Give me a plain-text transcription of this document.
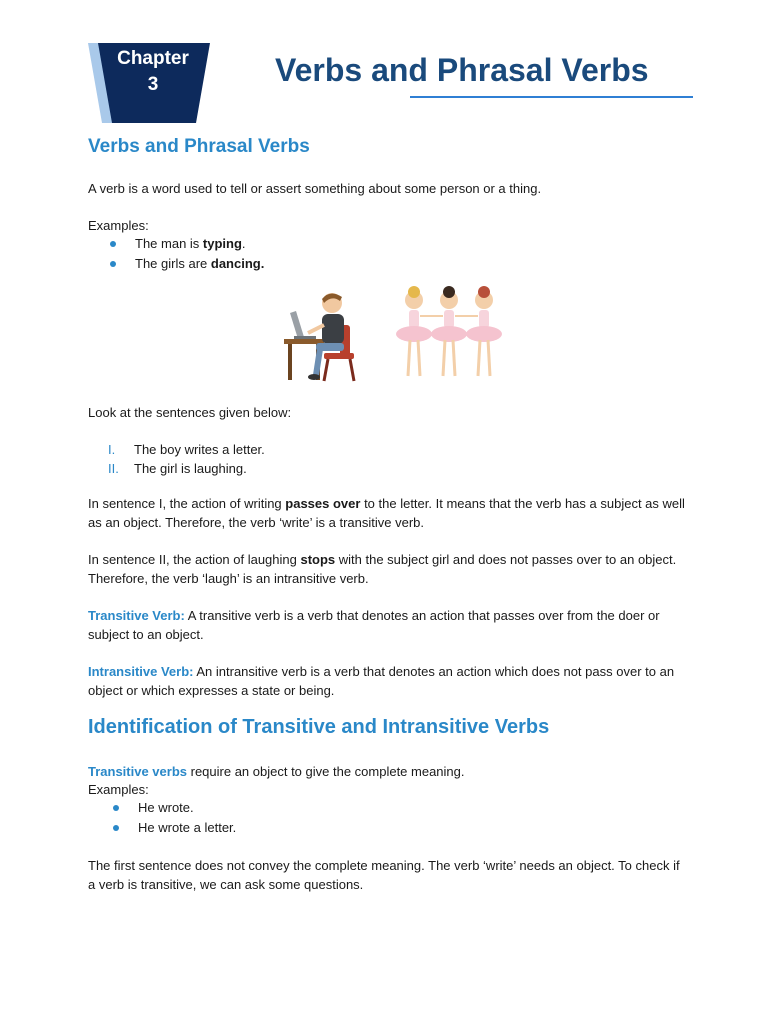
Chapter
3	Verbs and Phrasal Verbs
Verbs and Phrasal Verbs
A verb is a word used to tell or assert something about some person or a thing.
Examples:
The man is typing.
The girls are dancing.
Look at the sentences given below:
I. The boy writes a letter.
II. The girl is laughing.
In sentence I, the action of writing passes over to the letter. It means that the verb has a subject as well as an object. Therefore, the verb ‘write’ is a transitive verb.
In sentence II, the action of laughing stops with the subject girl and does not passes over to an object. Therefore, the verb ‘laugh’ is an intransitive verb.
Transitive Verb: A transitive verb is a verb that denotes an action that passes over from the doer or subject to an object.
Intransitive Verb: An intransitive verb is a verb that denotes an action which does not pass over to an object or which expresses a state or being.
Identification of Transitive and Intransitive Verbs
Transitive verbs require an object to give the complete meaning.
Examples:
He wrote.
He wrote a letter.
The first sentence does not convey the complete meaning. The verb ‘write’ needs an object. To check if a verb is transitive, we can ask some questions.
